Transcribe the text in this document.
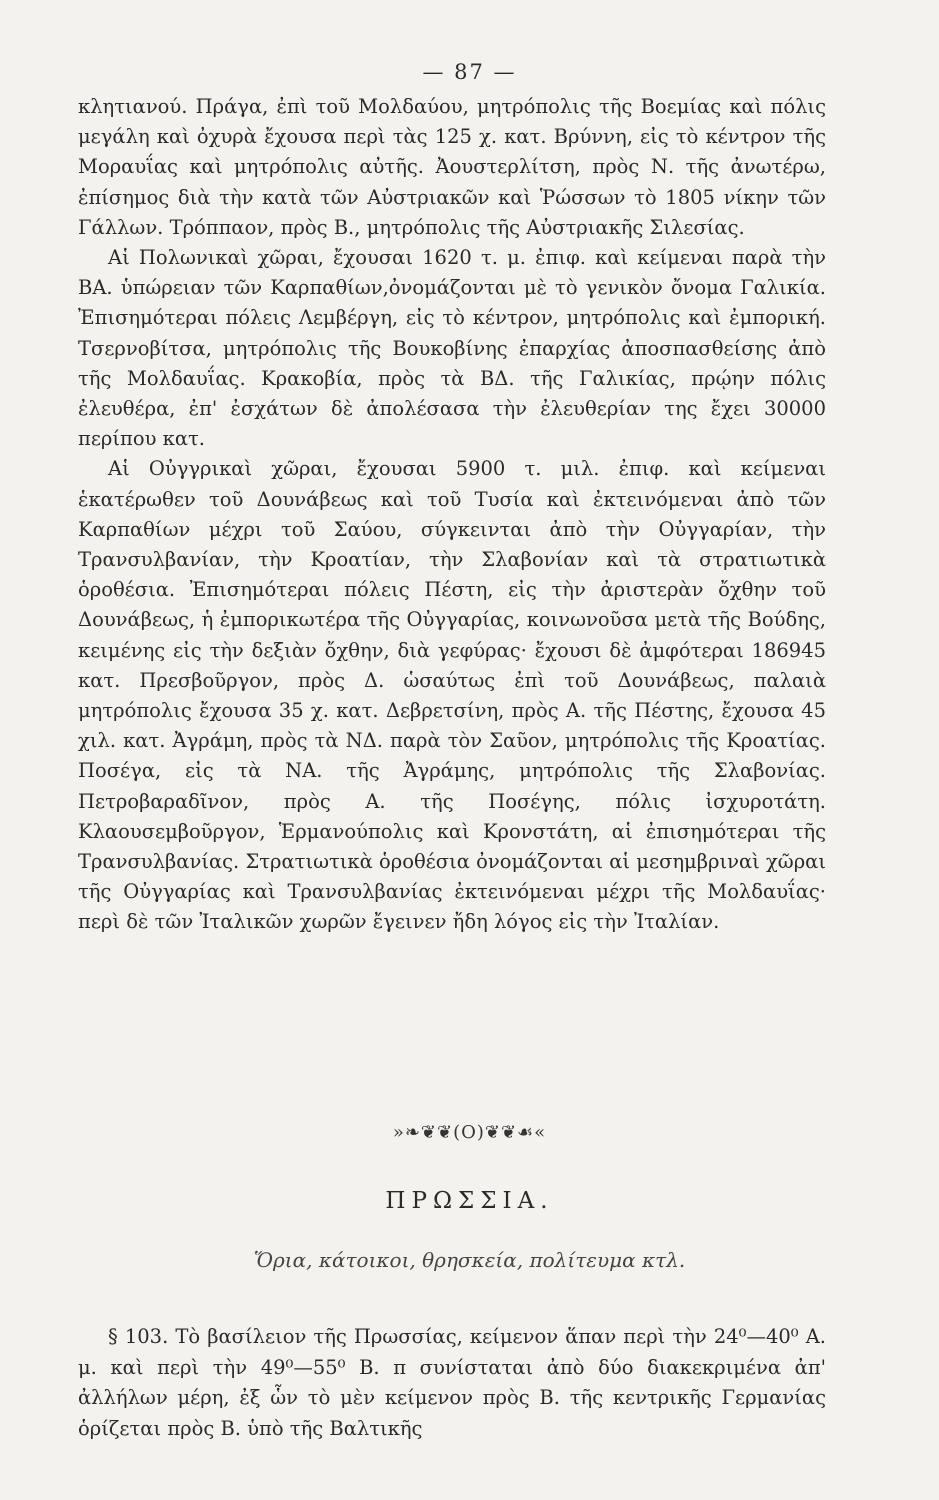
— 87 —

κλητιανού. Πράγα, ἐπὶ τοῦ Μολδαύου, μητρόπολις τῆς Βοεμίας καὶ πόλις μεγάλη καὶ ὀχυρὰ ἔχουσα περὶ τὰς 125 χ. κατ. Βρύννη, εἰς τὸ κέντρον τῆς Μοραυΐας καὶ μητρόπολις αὐτῆς. Ἀουστερλίτση, πρὸς Ν. τῆς ἀνωτέρω, ἐπίσημος διὰ τὴν κατὰ τῶν Αὐστριακῶν καὶ Ῥώσσων τὸ 1805 νίκην τῶν Γάλλων. Τρόππαον, πρὸς Β., μητρόπολις τῆς Αὐστριακῆς Σιλεσίας.

Αἱ Πολωνικαὶ χῶραι, ἔχουσαι 1620 τ. μ. ἐπιφ. καὶ κείμεναι παρὰ τὴν ΒΑ. ὑπώρειαν τῶν Καρπαθίων,ὀνομάζονται μὲ τὸ γενικὸν ὄνομα Γαλικία. Ἐπισημότεραι πόλεις Λεμβέργη, εἰς τὸ κέντρον, μητρόπολις καὶ ἐμπορική. Τσερνοβίτσα, μητρόπολις τῆς Βουκοβίνης ἐπαρχίας ἀποσπασθείσης ἀπὸ τῆς Μολδαυΐας. Κρακοβία, πρὸς τὰ ΒΔ. τῆς Γαλικίας, πρῴην πόλις ἐλευθέρα, ἐπ' ἐσχάτων δὲ ἀπολέσασα τὴν ἐλευθερίαν της ἔχει 30000 περίπου κατ.

Αἱ Οὐγγρικαὶ χῶραι, ἔχουσαι 5900 τ. μιλ. ἐπιφ. καὶ κείμεναι ἑκατέρωθεν τοῦ Δουνάβεως καὶ τοῦ Τυσία καὶ ἐκτεινόμεναι ἀπὸ τῶν Καρπαθίων μέχρι τοῦ Σαύου, σύγκεινται ἀπὸ τὴν Οὐγγαρίαν, τὴν Τρανσυλβανίαν, τὴν Κροατίαν, τὴν Σλαβονίαν καὶ τὰ στρατιωτικὰ ὁροθέσια. Ἐπισημότεραι πόλεις Πέστη, εἰς τὴν ἀριστερὰν ὄχθην τοῦ Δουνάβεως, ἡ ἐμπορικωτέρα τῆς Οὐγγαρίας, κοινωνοῦσα μετὰ τῆς Βούδης, κειμένης εἰς τὴν δεξιὰν ὄχθην, διὰ γεφύρας· ἔχουσι δὲ ἀμφότεραι 186945 κατ. Πρεσβοῦργον, πρὸς Δ. ὡσαύτως ἐπὶ τοῦ Δουνάβεως, παλαιὰ μητρόπολις ἔχουσα 35 χ. κατ. Δεβρετσίνη, πρὸς Α. τῆς Πέστης, ἔχουσα 45 χιλ. κατ. Ἀγράμη, πρὸς τὰ ΝΔ. παρὰ τὸν Σαῦον, μητρόπολις τῆς Κροατίας. Ποσέγα, εἰς τὰ ΝΑ. τῆς Ἀγράμης, μητρόπολις τῆς Σλαβονίας. Πετροβαραδῖνον, πρὸς Α. τῆς Ποσέγης, πόλις ἰσχυροτάτη. Κλαουσεμβοῦργον, Ἑρμανούπολις καὶ Κρονστάτη, αἱ ἐπισημότεραι τῆς Τρανσυλβανίας. Στρατιωτικὰ ὁροθέσια ὀνομάζονται αἱ μεσημβριναὶ χῶραι τῆς Οὐγγαρίας καὶ Τρανσυλβανίας ἐκτεινόμεναι μέχρι τῆς Μολδαυΐας· περὶ δὲ τῶν Ἰταλικῶν χωρῶν ἔγεινεν ἤδη λόγος εἰς τὴν Ἰταλίαν.

»❧❦❦(O)❦❦☙«
ΠΡΩΣΣΙΑ.
Ὅρια, κάτοικοι, θρησκεία, πολίτευμα κτλ.

§ 103. Τὸ βασίλειον τῆς Πρωσσίας, κείμενον ἅπαν περὶ τὴν 24⁰—40⁰ Α. μ. καὶ περὶ τὴν 49⁰—55⁰ Β. π συνίσταται ἀπὸ δύο διακεκριμένα ἀπ' ἀλλήλων μέρη, ἐξ ὧν τὸ μὲν κείμενον πρὸς Β. τῆς κεντρικῆς Γερμανίας ὁρίζεται πρὸς Β. ὑπὸ τῆς Βαλτικῆς
